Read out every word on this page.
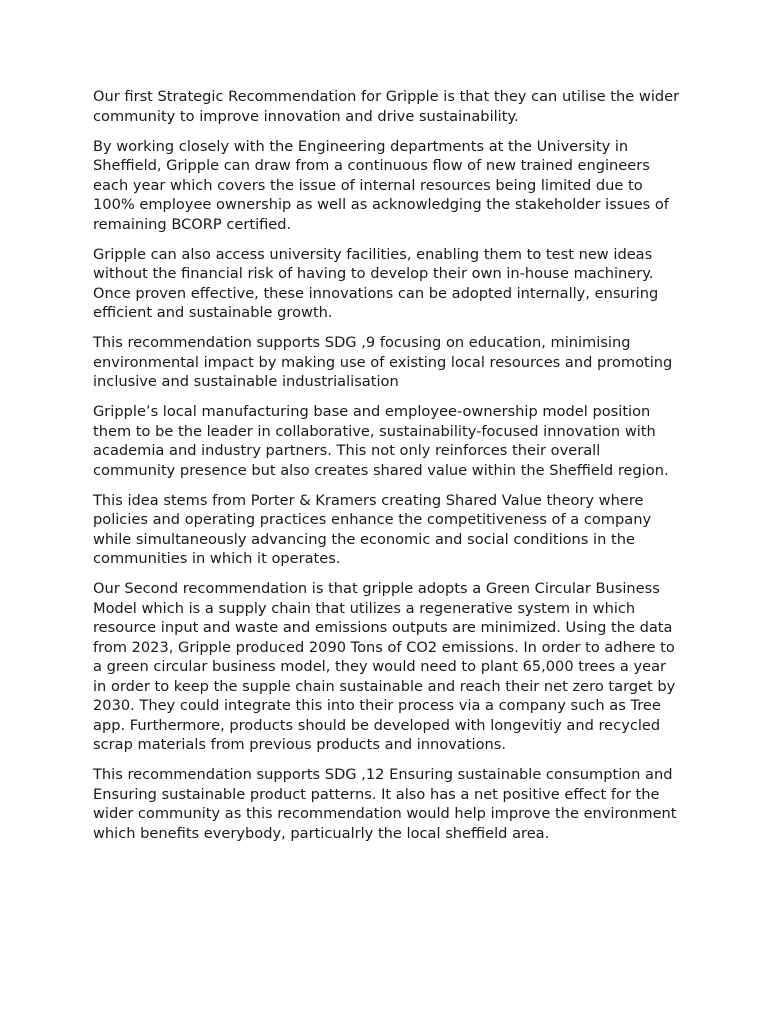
Our first Strategic Recommendation for Gripple is that they can utilise the wider community to improve innovation and drive sustainability.

By working closely with the Engineering departments at the University in Sheffield, Gripple can draw from a continuous flow of new trained engineers each year which covers the issue of internal resources being limited due to 100% employee ownership as well as acknowledging the stakeholder issues of remaining BCORP certified.

Gripple can also access university facilities, enabling them to test new ideas without the financial risk of having to develop their own in-house machinery. Once proven effective, these innovations can be adopted internally, ensuring efficient and sustainable growth.

This recommendation supports SDG ,9 focusing on education, minimising environmental impact by making use of existing local resources and promoting inclusive and sustainable industrialisation

Gripple’s local manufacturing base and employee-ownership model position them to be the leader in collaborative, sustainability-focused innovation with academia and industry partners. This not only reinforces their overall community presence but also creates shared value within the Sheffield region.

This idea stems from Porter & Kramers creating Shared Value theory where policies and operating practices enhance the competitiveness of a company while simultaneously advancing the economic and social conditions in the communities in which it operates.

Our Second recommendation is that gripple adopts a Green Circular Business Model which is a supply chain that utilizes a regenerative system in which resource input and waste and emissions outputs are minimized. Using the data from 2023, Gripple produced 2090 Tons of CO2 emissions. In order to adhere to a green circular business model, they would need to plant 65,000 trees a year in order to keep the supple chain sustainable and reach their net zero target by 2030. They could integrate this into their process via a company such as Tree app. Furthermore, products should be developed with longevitiy and recycled scrap materials from previous products and innovations.

This recommendation supports SDG ,12 Ensuring sustainable consumption and Ensuring sustainable product patterns. It also has a net positive effect for the wider community as this recommendation would help improve the environment which benefits everybody, particualrly the local sheffield area.
